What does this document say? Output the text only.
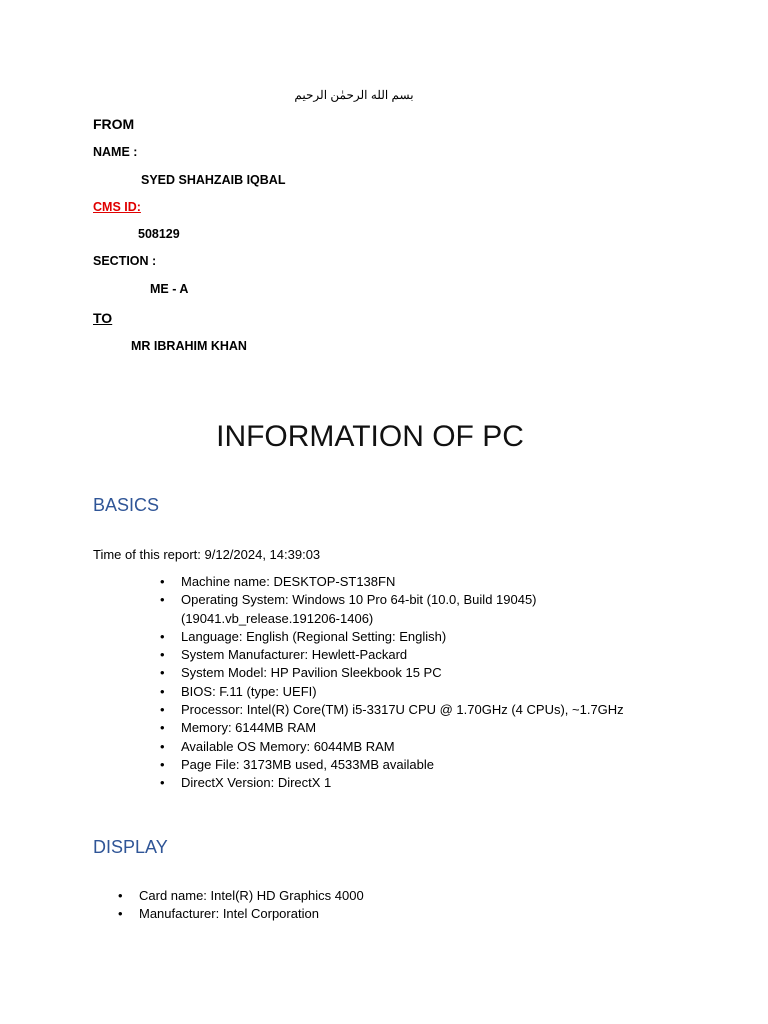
بسم الله الرحمٰن الرحيم
FROM
NAME :
SYED SHAHZAIB IQBAL
CMS ID:
508129
SECTION :
ME - A
TO
MR IBRAHIM KHAN
INFORMATION OF PC
BASICS
Time of this report: 9/12/2024, 14:39:03
• Machine name: DESKTOP-ST138FN
• Operating System: Windows 10 Pro 64-bit (10.0, Build 19045)
(19041.vb_release.191206-1406)
• Language: English (Regional Setting: English)
• System Manufacturer: Hewlett-Packard
• System Model: HP Pavilion Sleekbook 15 PC
• BIOS: F.11 (type: UEFI)
• Processor: Intel(R) Core(TM) i5-3317U CPU @ 1.70GHz (4 CPUs), ~1.7GHz
• Memory: 6144MB RAM
• Available OS Memory: 6044MB RAM
• Page File: 3173MB used, 4533MB available
• DirectX Version: DirectX 1
DISPLAY
• Card name: Intel(R) HD Graphics 4000
• Manufacturer: Intel Corporation
